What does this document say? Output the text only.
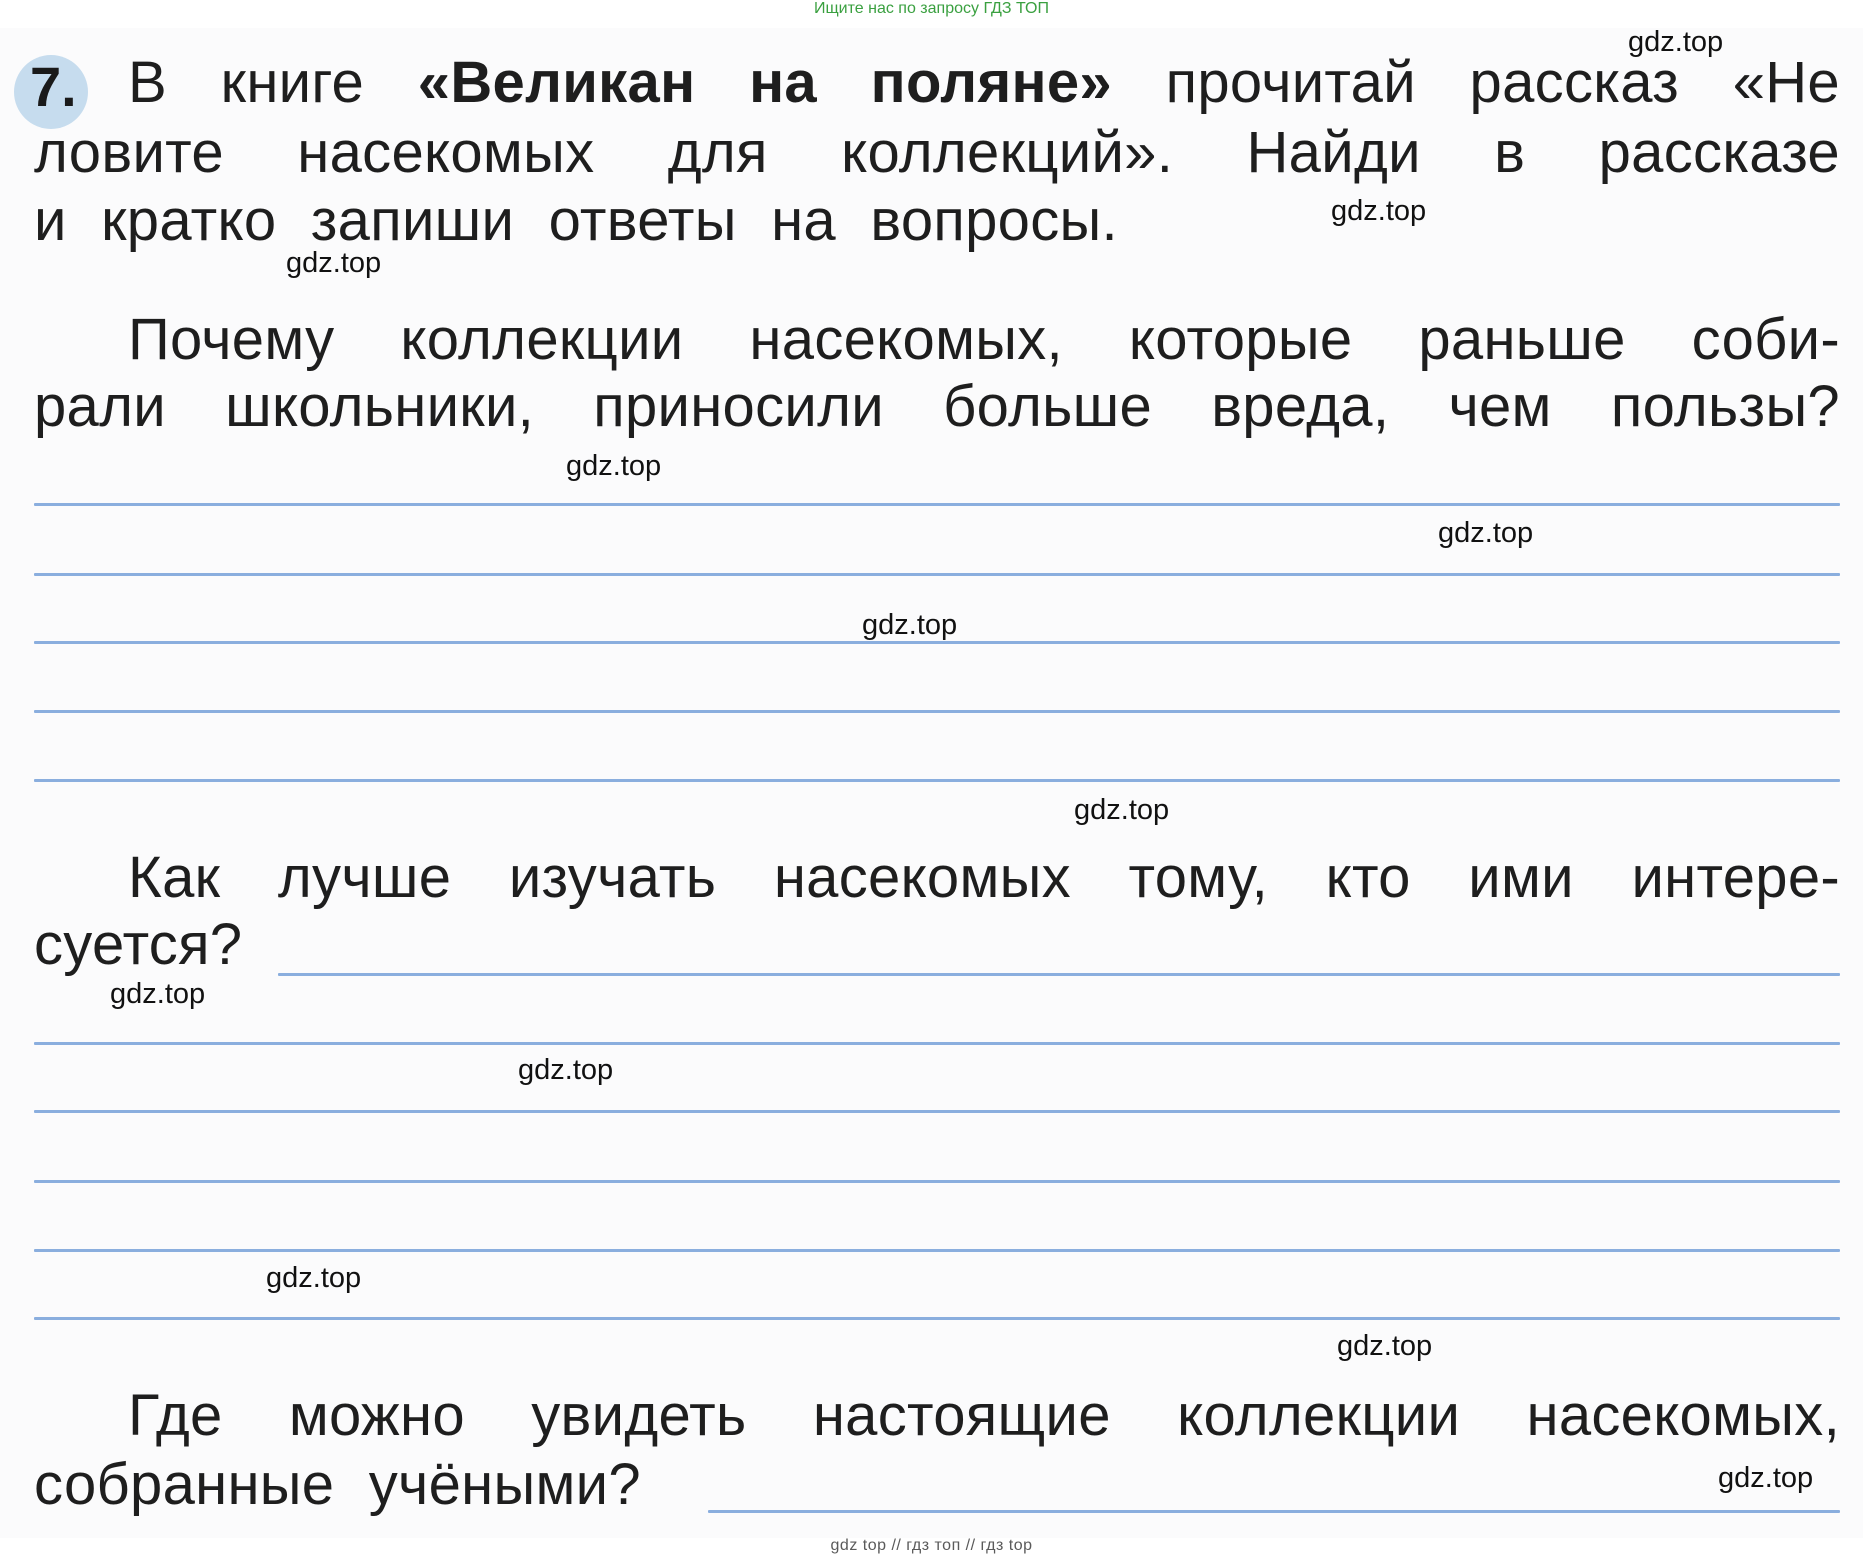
Ищите нас по запросу ГДЗ ТОП
7. В книге «Великан на поляне» прочитай рассказ «Не
ловите насекомых для коллекций». Найди в рассказе
и кратко запиши ответы на вопросы.
Почему коллекции насекомых, которые раньше соби-
рали школьники, приносили больше вреда, чем пользы?
Как лучше изучать насекомых тому, кто ими интере-
суется?
Где можно увидеть настоящие коллекции насекомых,
собранные учёными?
gdz.top
gdz.top
gdz.top
gdz.top
gdz.top
gdz.top
gdz.top
gdz.top
gdz.top
gdz.top
gdz.top
gdz.top
gdz top // гдз топ // гдз top
